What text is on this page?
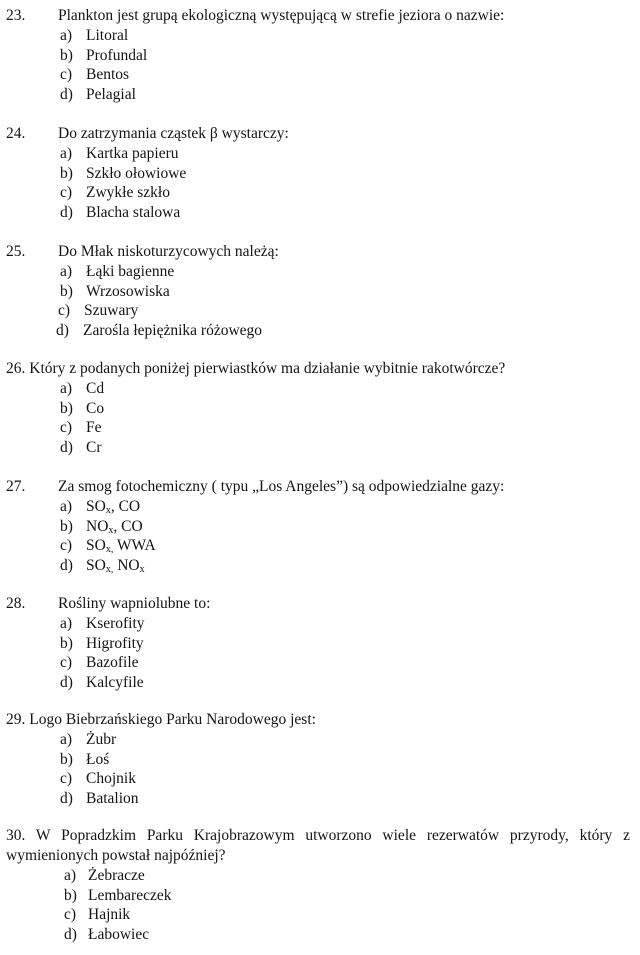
23. Plankton jest grupą ekologiczną występującą w strefie jeziora o nazwie:
a) Litoral
b) Profundal
c) Bentos
d) Pelagial
24. Do zatrzymania cząstek β wystarczy:
a) Kartka papieru
b) Szkło ołowiowe
c) Zwykłe szkło
d) Blacha stalowa
25. Do Młak niskoturzycowych należą:
a) Łąki bagienne
b) Wrzosowiska
c) Szuwary
d) Zarośla łepiężnika różowego
26. Który z podanych poniżej pierwiastków ma działanie wybitnie rakotwórcze?
a) Cd
b) Co
c) Fe
d) Cr
27. Za smog fotochemiczny ( typu „Los Angeles”) są odpowiedzialne gazy:
a) $SO_x$, CO
b) $NO_x$, CO
c) $SO_{x,}$ WWA
d) $SO_{x,}$ $NO_x$
28. Rośliny wapniolubne to:
a) Kserofity
b) Higrofity
c) Bazofile
d) Kalcyfile
29. Logo Biebrzańskiego Parku Narodowego jest:
a) Żubr
b) Łoś
c) Chojnik
d) Batalion
30. W Popradzkim Parku Krajobrazowym utworzono wiele rezerwatów przyrody, który z
wymienionych powstał najpóźniej?
a) Żebracze
b) Lembareczek
c) Hajnik
d) Łabowiec
